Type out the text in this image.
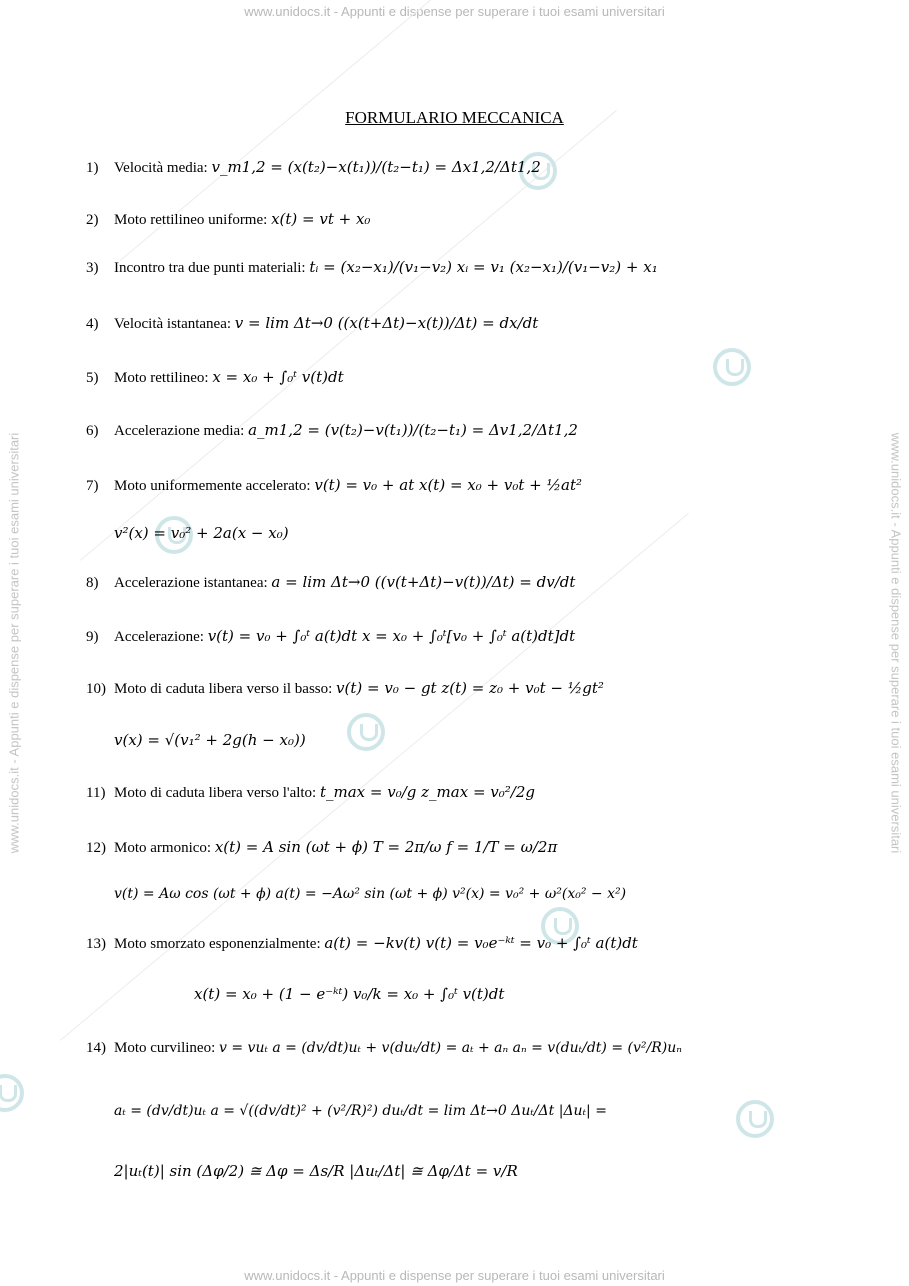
www.unidocs.it - Appunti e dispense per superare i tuoi esami universitari
www.unidocs.it - Appunti e dispense per superare i tuoi esami universitari
www.unidocs.it - Appunti e dispense per superare i tuoi esami universitari	www.unidocs.it - Appunti e dispense per superare i tuoi esami universitari
FORMULARIO MECCANICA
1) Velocità media: v_m1,2 = (x(t₂)−x(t₁))/(t₂−t₁) = Δx1,2/Δt1,2
2) Moto rettilineo uniforme: x(t) = vt + x₀
3) Incontro tra due punti materiali: tᵢ = (x₂−x₁)/(v₁−v₂) xᵢ = v₁ (x₂−x₁)/(v₁−v₂) + x₁
4) Velocità istantanea: v = lim Δt→0 ((x(t+Δt)−x(t))/Δt) = dx/dt
5) Moto rettilineo: x = x₀ + ∫₀ᵗ v(t)dt
6) Accelerazione media: a_m1,2 = (v(t₂)−v(t₁))/(t₂−t₁) = Δv1,2/Δt1,2
7) Moto uniformemente accelerato: v(t) = v₀ + at x(t) = x₀ + v₀t + ½at²
v²(x) = v₀² + 2a(x − x₀)
8) Accelerazione istantanea: a = lim Δt→0 ((v(t+Δt)−v(t))/Δt) = dv/dt
9) Accelerazione: v(t) = v₀ + ∫₀ᵗ a(t)dt x = x₀ + ∫₀ᵗ[v₀ + ∫₀ᵗ a(t)dt]dt
10) Moto di caduta libera verso il basso: v(t) = v₀ − gt z(t) = z₀ + v₀t − ½gt²
v(x) = √(v₁² + 2g(h − x₀))
11) Moto di caduta libera verso l'alto: t_max = v₀/g z_max = v₀²/2g
12) Moto armonico: x(t) = A sin (ωt + ϕ) T = 2π/ω f = 1/T = ω/2π
v(t) = Aω cos (ωt + ϕ) a(t) = −Aω² sin (ωt + ϕ) v²(x) = v₀² + ω²(x₀² − x²)
13) Moto smorzato esponenzialmente: a(t) = −kv(t) v(t) = v₀e⁻ᵏᵗ = v₀ + ∫₀ᵗ a(t)dt
x(t) = x₀ + (1 − e⁻ᵏᵗ) v₀/k = x₀ + ∫₀ᵗ v(t)dt
14) Moto curvilineo: v = vuₜ a = (dv/dt)uₜ + v(duₜ/dt) = aₜ + aₙ aₙ = v(duₜ/dt) = (v²/R)uₙ
aₜ = (dv/dt)uₜ a = √((dv/dt)² + (v²/R)²) duₜ/dt = lim Δt→0 Δuₜ/Δt |Δuₜ| =
2|uₜ(t)| sin (Δφ/2) ≅ Δφ = Δs/R |Δuₜ/Δt| ≅ Δφ/Δt = v/R
